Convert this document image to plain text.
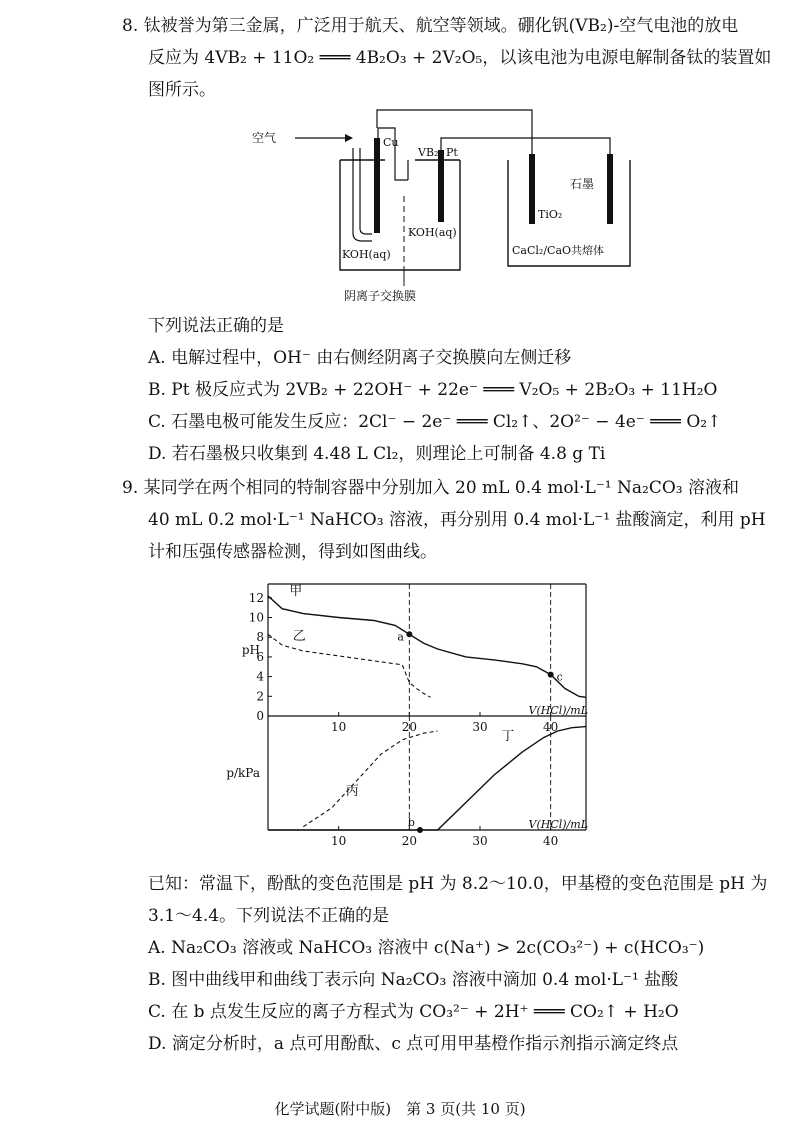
8. 钛被誉为第三金属，广泛用于航天、航空等领域。硼化钒(VB₂)-空气电池的放电
反应为 4VB₂ + 11O₂ ═══ 4B₂O₃ + 2V₂O₅，以该电池为电源电解制备钛的装置如
图所示。
空气	Cu
VB₂ Pt
石墨
TiO₂
KOH(aq)
KOH(aq)
CaCl₂/CaO共熔体
阴离子交换膜
下列说法正确的是
A. 电解过程中，OH⁻ 由右侧经阴离子交换膜向左侧迁移
B. Pt 极反应式为 2VB₂ + 22OH⁻ + 22e⁻ ═══ V₂O₅ + 2B₂O₃ + 11H₂O
C. 石墨电极可能发生反应：2Cl⁻ − 2e⁻ ═══ Cl₂↑、2O²⁻ − 4e⁻ ═══ O₂↑
D. 若石墨极只收集到 4.48 L Cl₂，则理论上可制备 4.8 g Ti
9. 某同学在两个相同的特制容器中分别加入 20 mL 0.4 mol·L⁻¹ Na₂CO₃ 溶液和
40 mL 0.2 mol·L⁻¹ NaHCO₃ 溶液，再分别用 0.4 mol·L⁻¹ 盐酸滴定，利用 pH
计和压强传感器检测，得到如图曲线。
10	20	30	40
0
2
4
6
8
10
12
V(HCl)/mL
pH
甲
乙	a
c
10	20	30	40
V(HCl)/mL
p/kPa
丙
丁
b
已知：常温下，酚酞的变色范围是 pH 为 8.2～10.0，甲基橙的变色范围是 pH 为
3.1～4.4。下列说法不正确的是
A. Na₂CO₃ 溶液或 NaHCO₃ 溶液中 c(Na⁺) > 2c(CO₃²⁻) + c(HCO₃⁻)
B. 图中曲线甲和曲线丁表示向 Na₂CO₃ 溶液中滴加 0.4 mol·L⁻¹ 盐酸
C. 在 b 点发生反应的离子方程式为 CO₃²⁻ + 2H⁺ ═══ CO₂↑ + H₂O
D. 滴定分析时，a 点可用酚酞、c 点可用甲基橙作指示剂指示滴定终点
化学试题(附中版)　第 3 页(共 10 页)
